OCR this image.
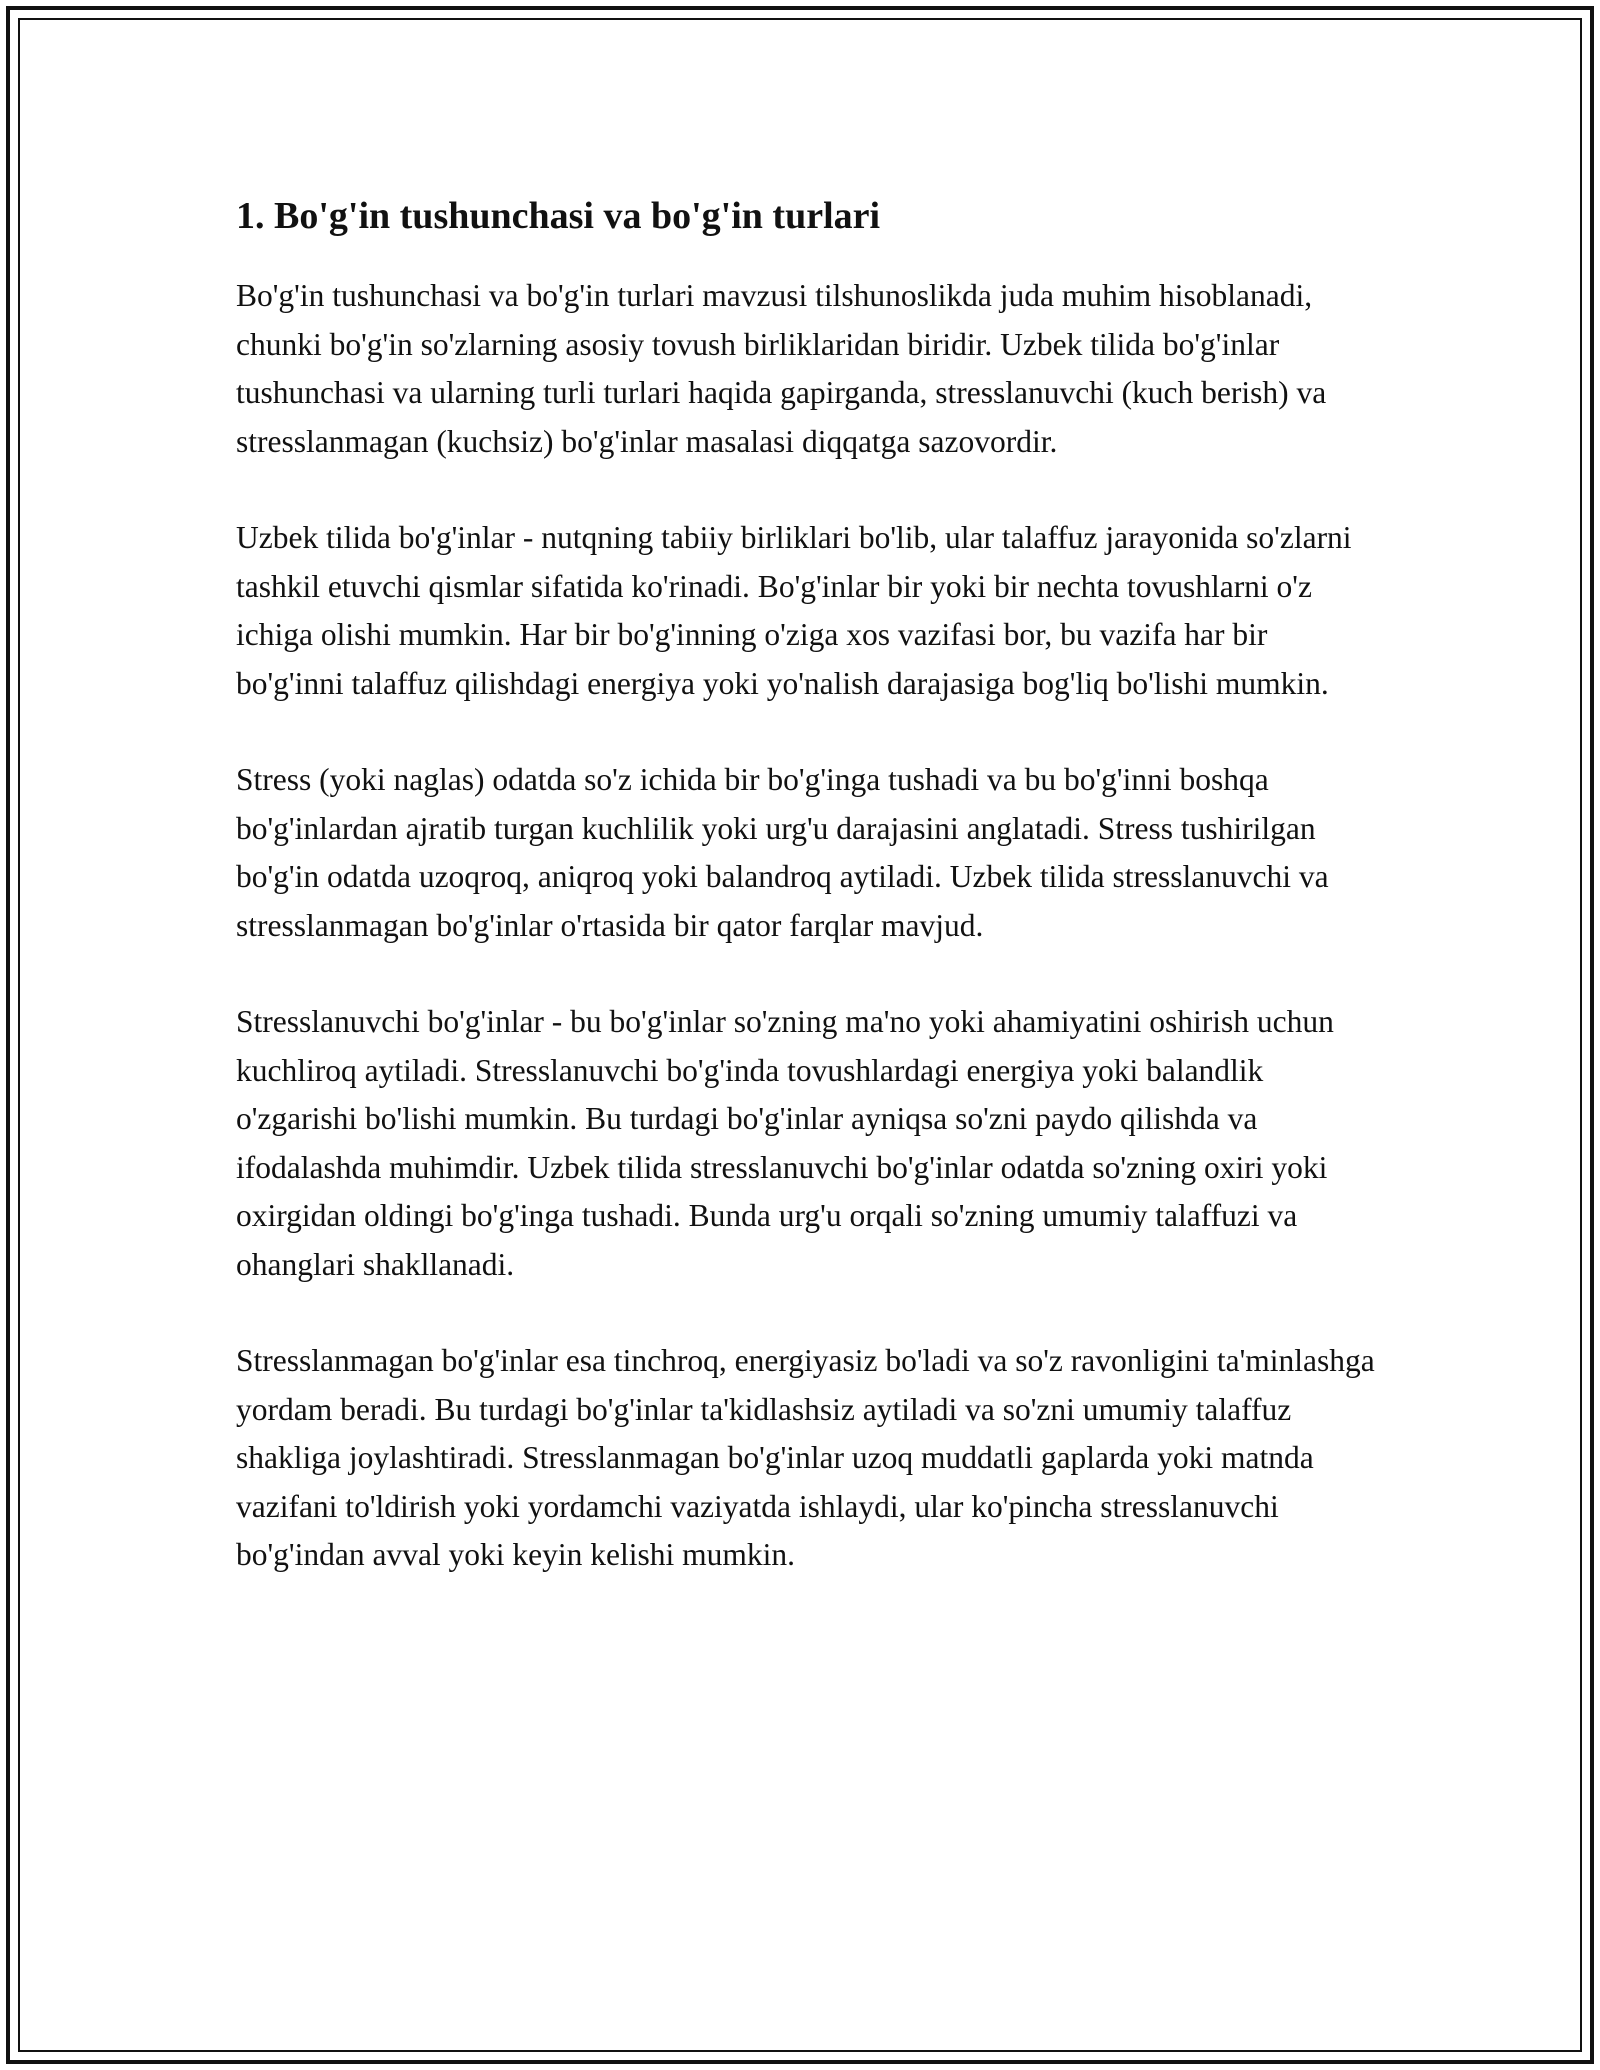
1. Bo'g'in tushunchasi va bo'g'in turlari

Bo'g'in tushunchasi va bo'g'in turlari mavzusi tilshunoslikda juda muhim hisoblanadi, chunki bo'g'in so'zlarning asosiy tovush birliklaridan biridir. Uzbek tilida bo'g'inlar tushunchasi va ularning turli turlari haqida gapirganda, stresslanuvchi (kuch berish) va stresslanmagan (kuchsiz) bo'g'inlar masalasi diqqatga sazovordir.

Uzbek tilida bo'g'inlar - nutqning tabiiy birliklari bo'lib, ular talaffuz jarayonida so'zlarni tashkil etuvchi qismlar sifatida ko'rinadi. Bo'g'inlar bir yoki bir nechta tovushlarni o'z ichiga olishi mumkin. Har bir bo'g'inning o'ziga xos vazifasi bor, bu vazifa har bir bo'g'inni talaffuz qilishdagi energiya yoki yo'nalish darajasiga bog'liq bo'lishi mumkin.

Stress (yoki naglas) odatda so'z ichida bir bo'g'inga tushadi va bu bo'g'inni boshqa bo'g'inlardan ajratib turgan kuchlilik yoki urg'u darajasini anglatadi. Stress tushirilgan bo'g'in odatda uzoqroq, aniqroq yoki balandroq aytiladi. Uzbek tilida stresslanuvchi va stresslanmagan bo'g'inlar o'rtasida bir qator farqlar mavjud.

Stresslanuvchi bo'g'inlar - bu bo'g'inlar so'zning ma'no yoki ahamiyatini oshirish uchun kuchliroq aytiladi. Stresslanuvchi bo'g'inda tovushlardagi energiya yoki balandlik o'zgarishi bo'lishi mumkin. Bu turdagi bo'g'inlar ayniqsa so'zni paydo qilishda va ifodalashda muhimdir. Uzbek tilida stresslanuvchi bo'g'inlar odatda so'zning oxiri yoki oxirgidan oldingi bo'g'inga tushadi. Bunda urg'u orqali so'zning umumiy talaffuzi va ohanglari shakllanadi.

Stresslanmagan bo'g'inlar esa tinchroq, energiyasiz bo'ladi va so'z ravonligini ta'minlashga yordam beradi. Bu turdagi bo'g'inlar ta'kidlashsiz aytiladi va so'zni umumiy talaffuz shakliga joylashtiradi. Stresslanmagan bo'g'inlar uzoq muddatli gaplarda yoki matnda vazifani to'ldirish yoki yordamchi vaziyatda ishlaydi, ular ko'pincha stresslanuvchi bo'g'indan avval yoki keyin kelishi mumkin.
